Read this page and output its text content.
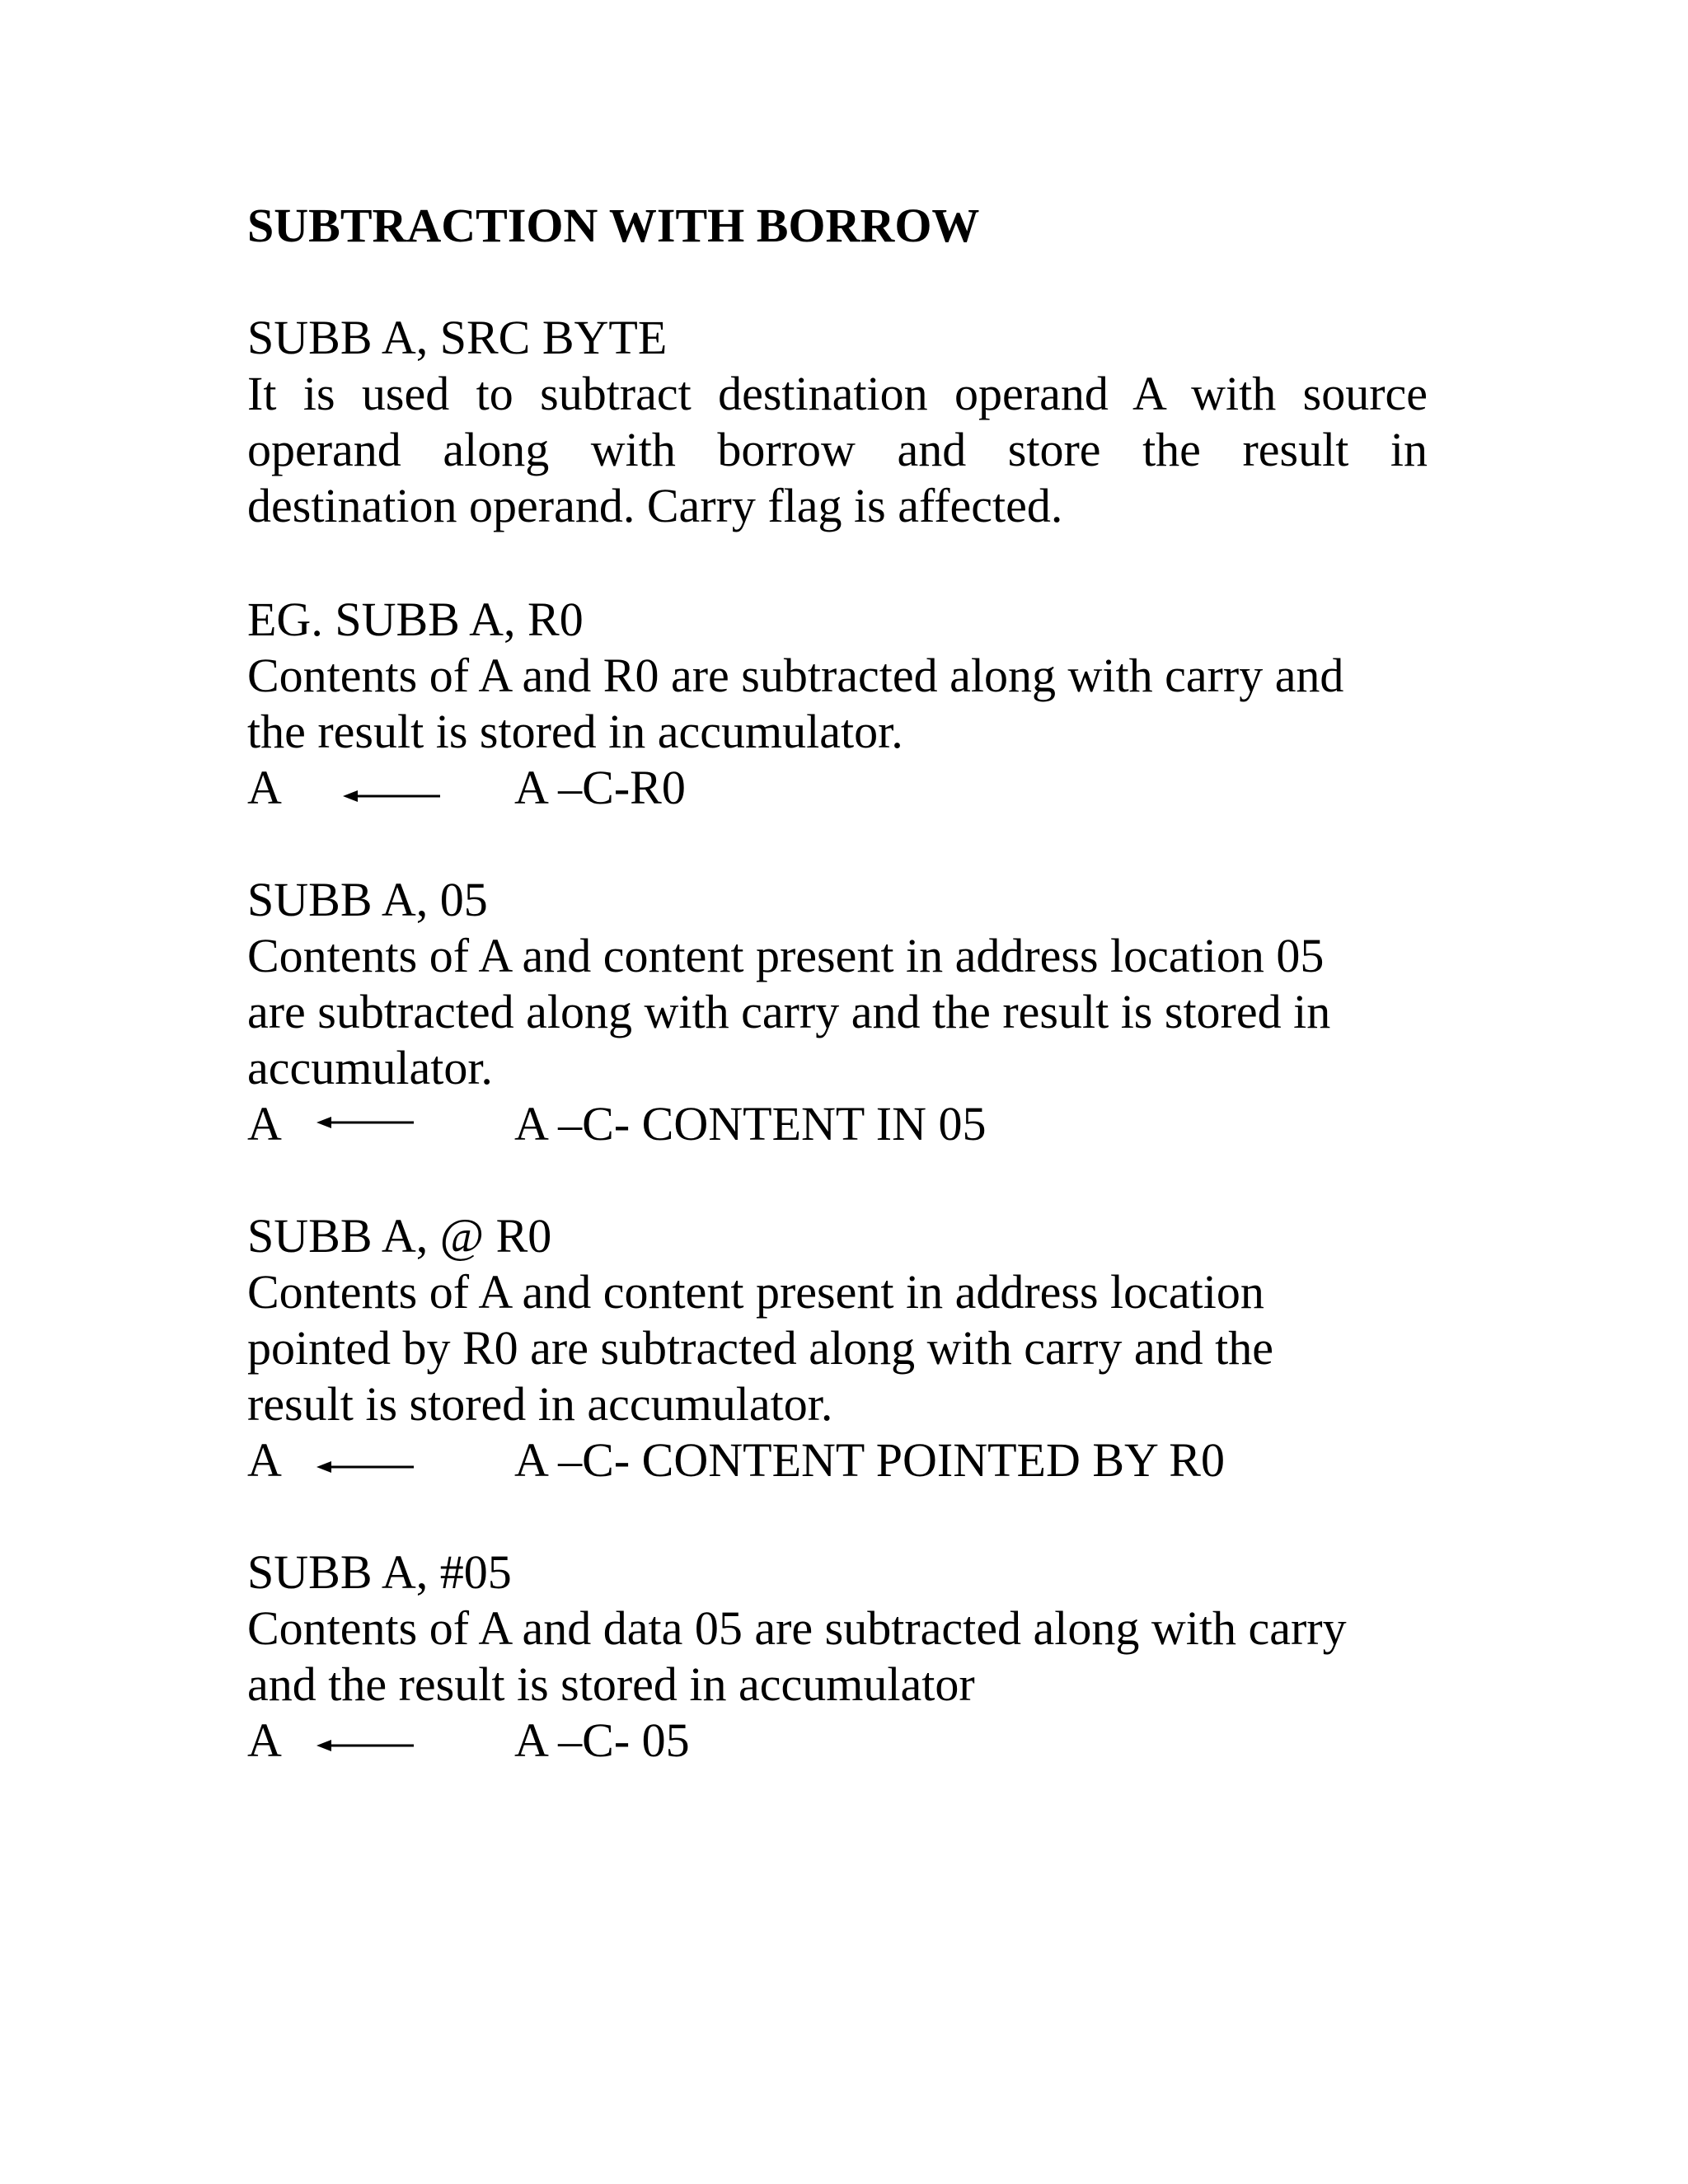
SUBTRACTION WITH BORROW
SUBB A, SRC BYTE
It is used to subtract destination operand A with source
operand along with borrow and store the result in
destination operand. Carry flag is affected.
EG. SUBB A, R0
Contents of A and R0 are subtracted along with carry and
the result is stored in accumulator.
A	A –C-R0
SUBB A, 05
Contents of A and content present in address location 05
are subtracted along with carry and the result is stored in
accumulator.
A	A –C- CONTENT IN 05
SUBB A, @ R0
Contents of A and content present in address location
pointed by R0 are subtracted along with carry and the
result is stored in accumulator.
A	A –C- CONTENT POINTED BY R0
SUBB A, #05
Contents of A and data 05 are subtracted along with carry
and the result is stored in accumulator
A	A –C- 05
